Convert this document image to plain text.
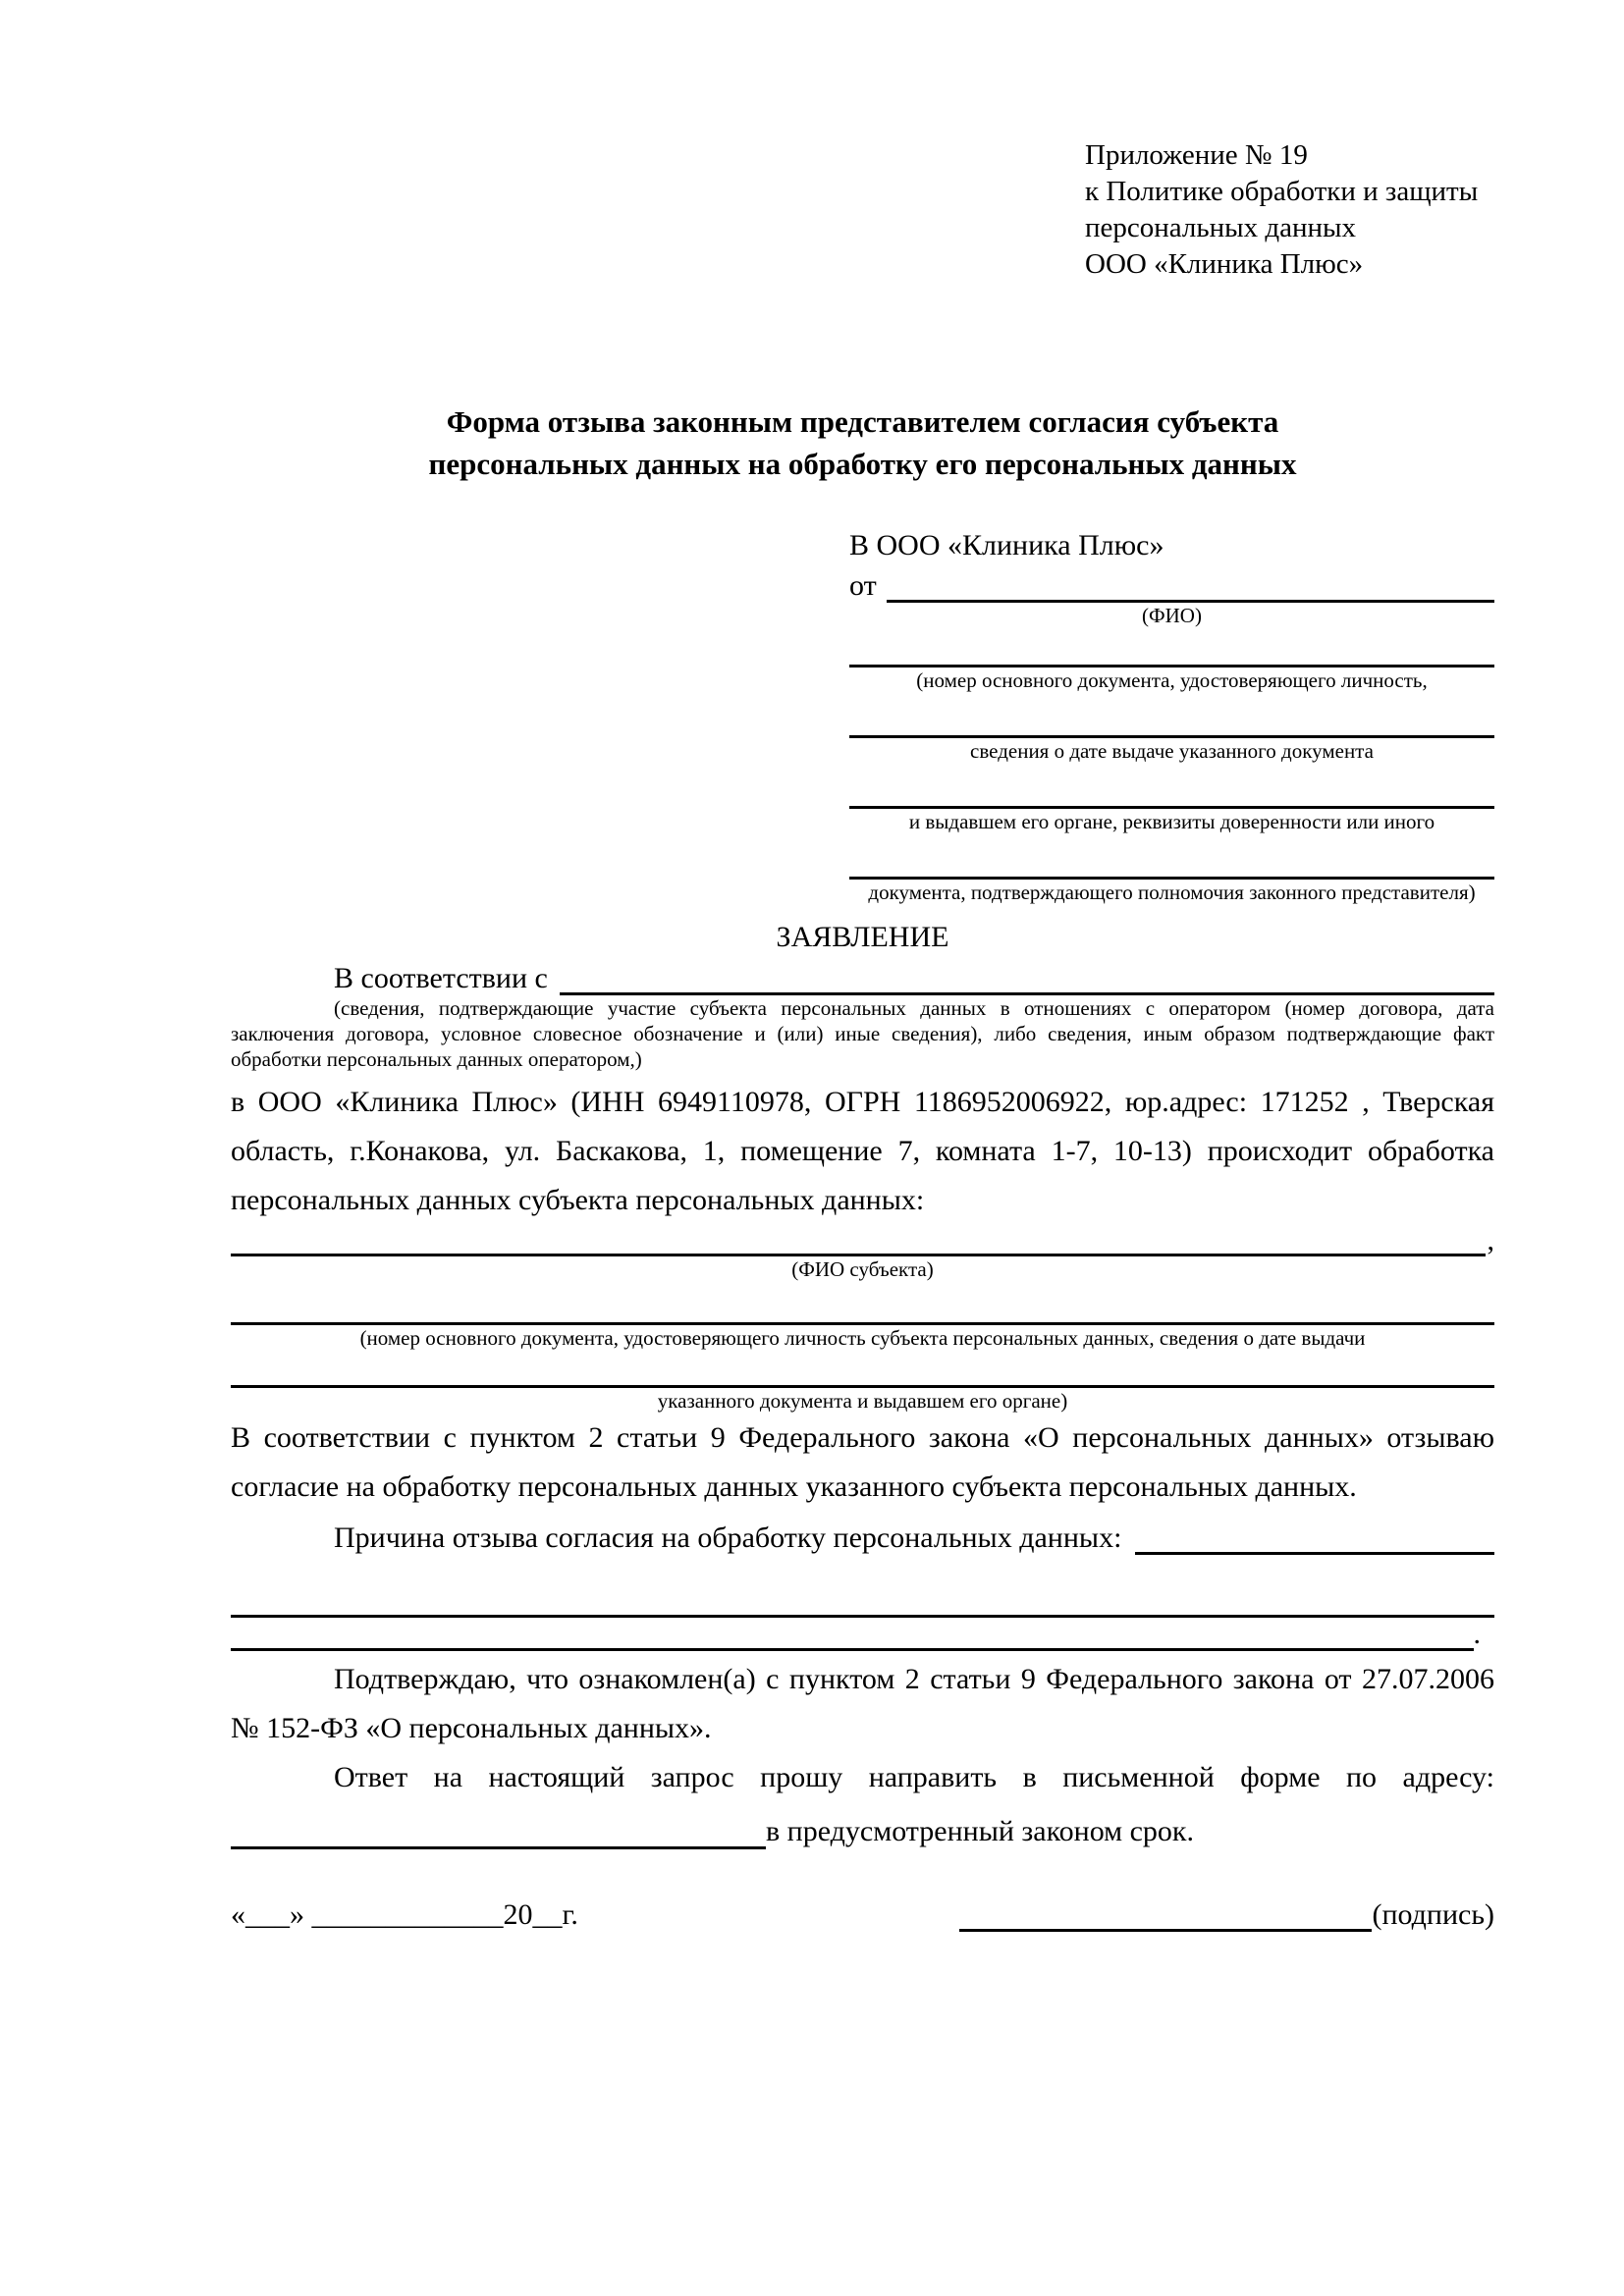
Приложение № 19
к Политике обработки и защиты
персональных данных
ООО «Клиника Плюс»
Форма отзыва законным представителем согласия субъекта
персональных данных на обработку его персональных данных
В ООО «Клиника Плюс»
от
(ФИО)
(номер основного документа, удостоверяющего личность,
сведения о дате выдаче указанного документа
и выдавшем его органе, реквизиты доверенности или иного
документа, подтверждающего полномочия законного представителя)
ЗАЯВЛЕНИЕ
В соответствии с
(сведения, подтверждающие участие субъекта персональных данных в отношениях с оператором (номер договора, дата заключения договора, условное словесное обозначение и (или) иные сведения), либо сведения, иным образом подтверждающие факт обработки персональных данных оператором,)

в ООО «Клиника Плюс» (ИНН 6949110978, ОГРН 1186952006922, юр.адрес: 171252 , Тверская область, г.Конакова, ул. Баскакова, 1, помещение 7, комната 1-7, 10-13) происходит обработка персональных данных субъекта персональных данных:

,
(ФИО субъекта)
(номер основного документа, удостоверяющего личность субъекта персональных данных, сведения о дате выдачи
указанного документа и выдавшем его органе)

В соответствии с пунктом 2 статьи 9 Федерального закона «О персональных данных» отзываю согласие на обработку персональных данных указанного субъекта персональных данных.

Причина отзыва согласия на обработку персональных данных:
.

Подтверждаю, что ознакомлен(а) с пунктом 2 статьи 9 Федерального закона от 27.07.2006 № 152-ФЗ «О персональных данных».

Ответ на настоящий запрос прошу направить в письменной форме по адресу:
в предусмотренный законом срок.
«___» _____________20__г.	(подпись)
